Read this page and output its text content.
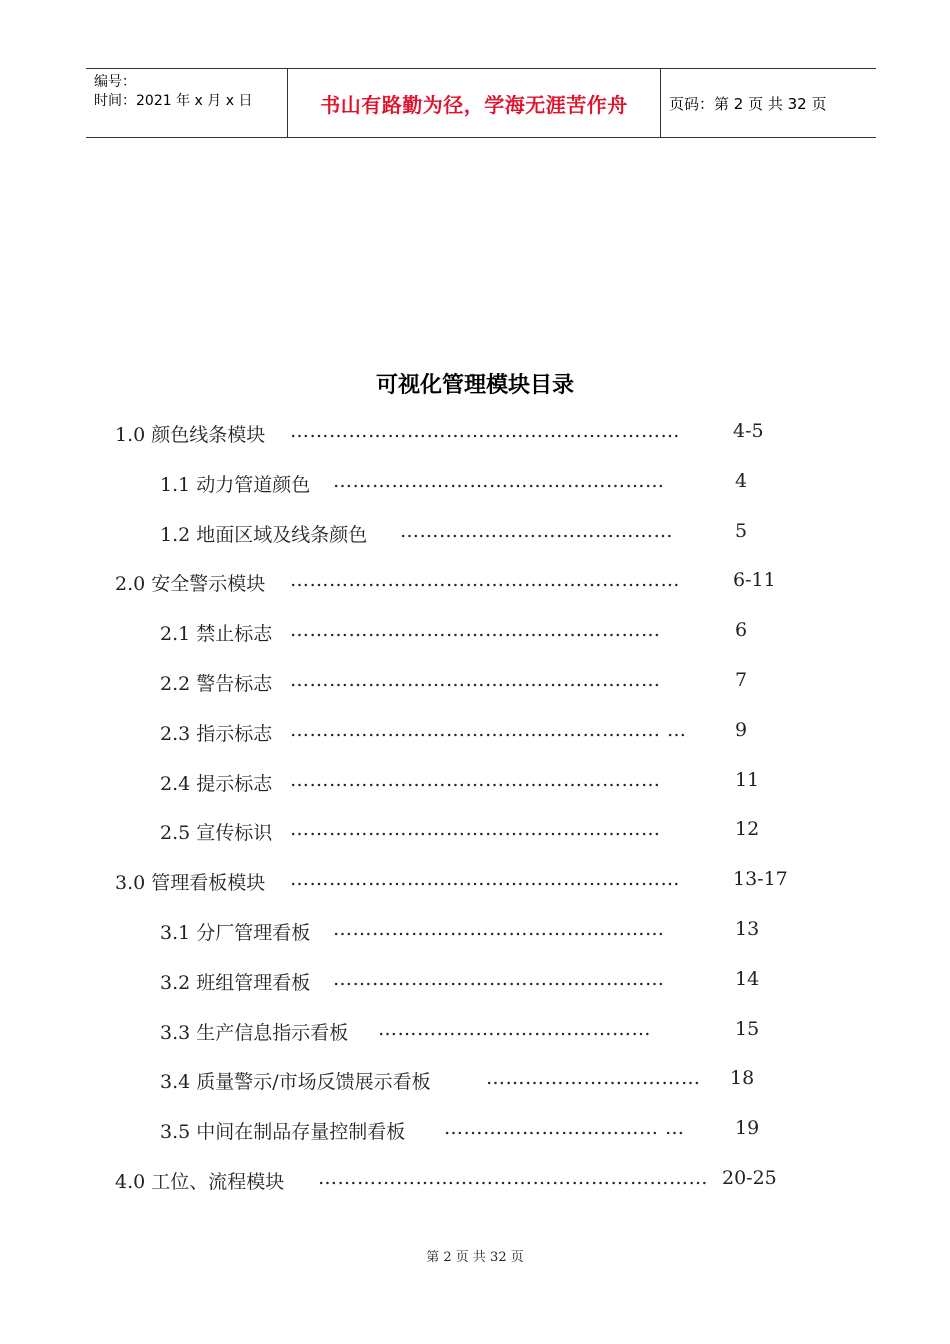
编号：
时间：2021 年 x 月 x 日	书山有路勤为径，学海无涯苦作舟	页码：第 2 页 共 32 页
可视化管理模块目录
1.0 颜色线条模块 ……………………………………………………	4-5
1.1 动力管道颜色 ……………………………………………	4
1.2 地面区域及线条颜色 ……………………………………	5
2.0 安全警示模块 ……………………………………………………	6-11
2.1 禁止标志 …………………………………………………	6
2.2 警告标志 …………………………………………………	7
2.3 指示标志 ………………………………………………… …	9
2.4 提示标志 …………………………………………………	11
2.5 宣传标识 …………………………………………………	12
3.0 管理看板模块 ……………………………………………………	13-17
3.1 分厂管理看板 ……………………………………………	13
3.2 班组管理看板 ……………………………………………	14
3.3 生产信息指示看板 ……………………………………	15
3.4 质量警示/市场反馈展示看板	……………………………	18
3.5 中间在制品存量控制看板 …………………………… …	19
4.0 工位、流程模块 …………………………………………………… 20-25
第 2 页 共 32 页
